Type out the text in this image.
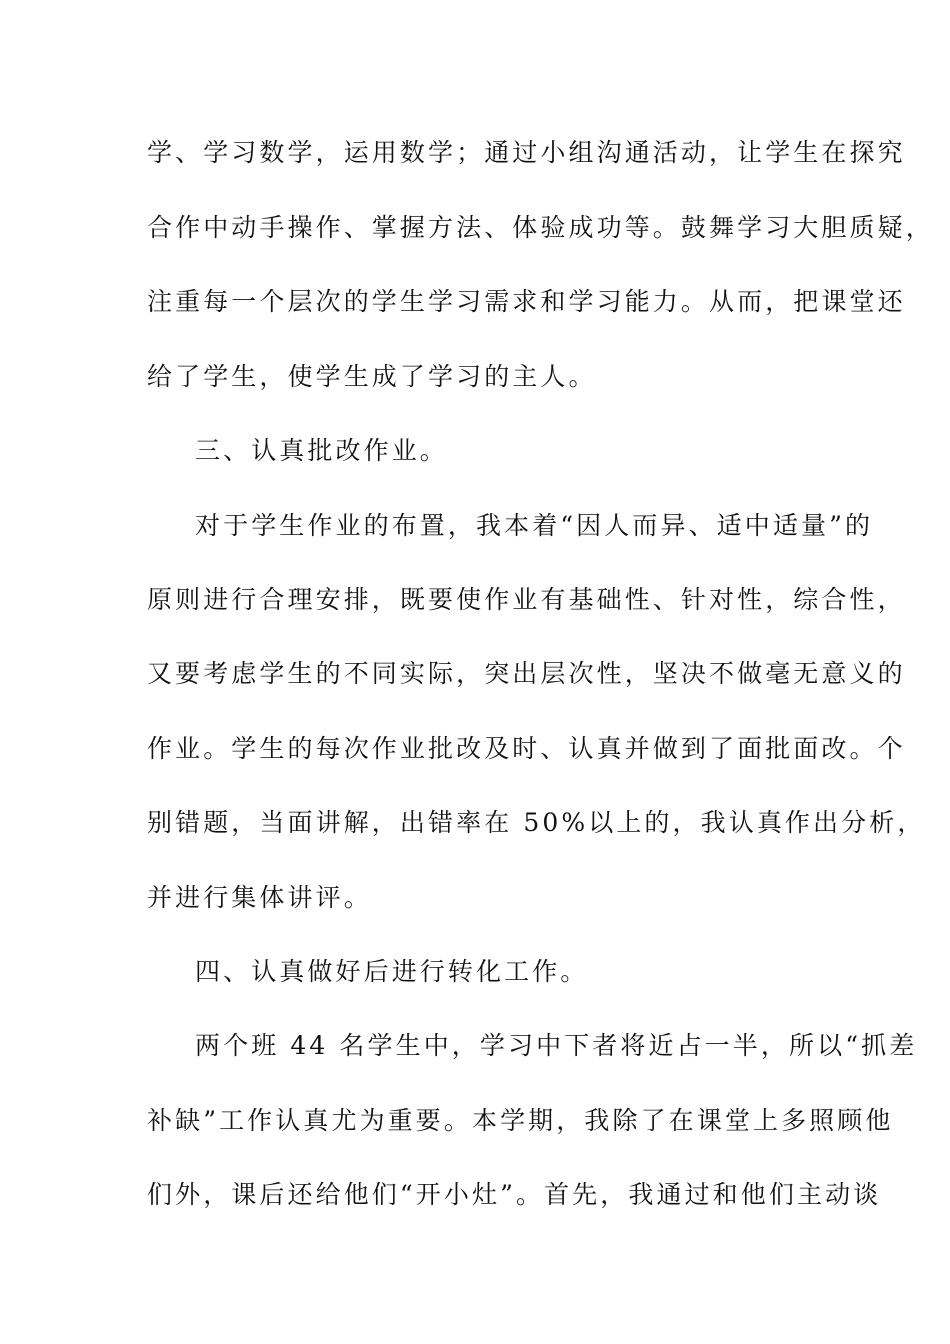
学、学习数学，运用数学；通过小组沟通活动，让学生在探究
合作中动手操作、掌握方法、体验成功等。鼓舞学习大胆质疑，
注重每一个层次的学生学习需求和学习能力。从而，把课堂还
给了学生，使学生成了学习的主人。
三、认真批改作业。
对于学生作业的布置，我本着“因人而异、适中适量”的
原则进行合理安排，既要使作业有基础性、针对性，综合性，
又要考虑学生的不同实际，突出层次性，坚决不做毫无意义的
作业。学生的每次作业批改及时、认真并做到了面批面改。个
别错题，当面讲解，出错率在 50%以上的，我认真作出分析，
并进行集体讲评。
四、认真做好后进行转化工作。
两个班 44 名学生中，学习中下者将近占一半，所以“抓差
补缺”工作认真尤为重要。本学期，我除了在课堂上多照顾他
们外，课后还给他们“开小灶”。首先，我通过和他们主动谈
